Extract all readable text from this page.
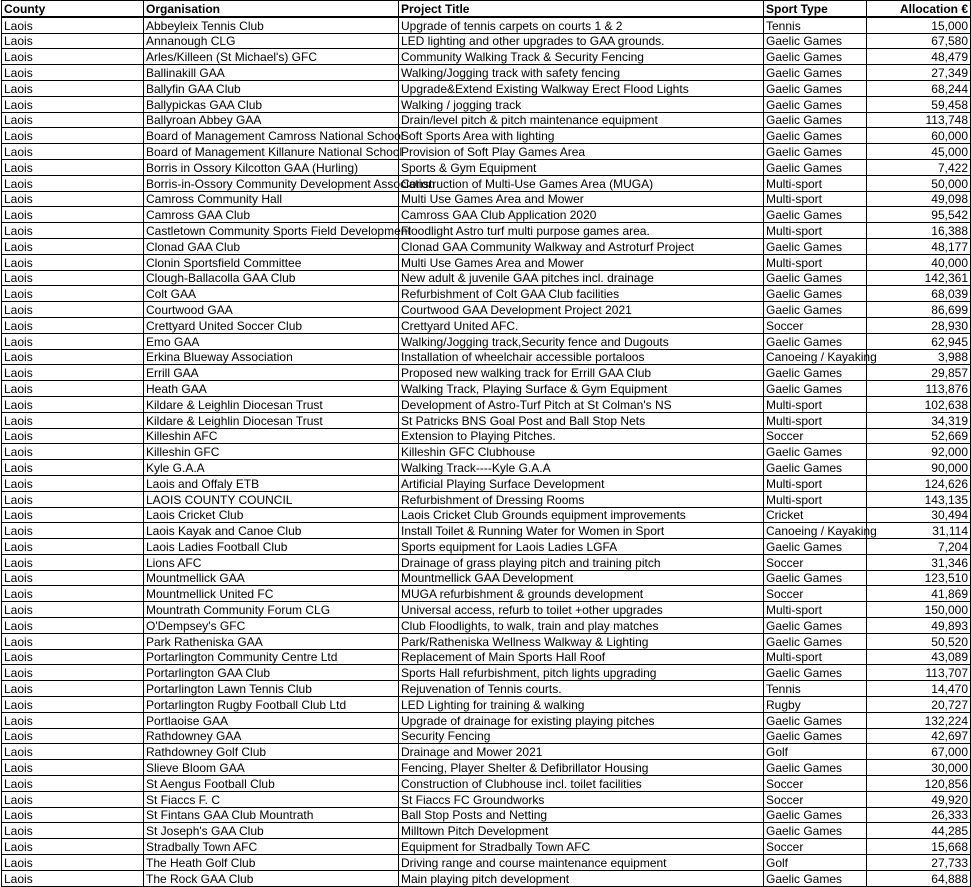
County	Organisation	Project Title	Sport Type	Allocation €
Laois	Abbeyleix Tennis Club	Upgrade of tennis carpets on courts 1 & 2	Tennis	15,000
Laois	Annanough CLG	LED lighting and other upgrades to GAA grounds.	Gaelic Games	67,580
Laois	Arles/Killeen (St Michael's) GFC	Community Walking Track & Security Fencing	Gaelic Games	48,479
Laois	Ballinakill GAA	Walking/Jogging track with safety fencing	Gaelic Games	27,349
Laois	Ballyfin GAA Club	Upgrade&Extend Existing Walkway Erect Flood Lights	Gaelic Games	68,244
Laois	Ballypickas GAA Club	Walking / jogging track	Gaelic Games	59,458
Laois	Ballyroan Abbey GAA	Drain/level pitch & pitch maintenance equipment	Gaelic Games	113,748
Laois	Board of Management Camross National School	Soft Sports Area with lighting	Gaelic Games	60,000
Laois	Board of Management Killanure National School	Provision of Soft Play Games Area	Gaelic Games	45,000
Laois	Borris in Ossory Kilcotton GAA (Hurling)	Sports & Gym Equipment	Gaelic Games	7,422
Laois	Borris-in-Ossory Community Development Association	Construction of Multi-Use Games Area (MUGA)	Multi-sport	50,000
Laois	Camross Community Hall	Multi Use Games Area and Mower	Multi-sport	49,098
Laois	Camross GAA Club	Camross GAA Club Application 2020	Gaelic Games	95,542
Laois	Castletown Community Sports Field Development	Floodlight Astro turf multi purpose games area.	Multi-sport	16,388
Laois	Clonad GAA Club	Clonad GAA Community Walkway and Astroturf Project	Gaelic Games	48,177
Laois	Clonin Sportsfield Committee	Multi Use Games Area and Mower	Multi-sport	40,000
Laois	Clough-Ballacolla GAA Club	New adult & juvenile GAA pitches incl. drainage	Gaelic Games	142,361
Laois	Colt GAA	Refurbishment of Colt GAA Club facilities	Gaelic Games	68,039
Laois	Courtwood GAA	Courtwood GAA Development Project 2021	Gaelic Games	86,699
Laois	Crettyard United Soccer Club	Crettyard United AFC.	Soccer	28,930
Laois	Emo GAA	Walking/Jogging track,Security fence and Dugouts	Gaelic Games	62,945
Laois	Erkina Blueway Association	Installation of wheelchair accessible portaloos	Canoeing / Kayaking	3,988
Laois	Errill GAA	Proposed new walking track for Errill GAA Club	Gaelic Games	29,857
Laois	Heath GAA	Walking Track, Playing Surface & Gym Equipment	Gaelic Games	113,876
Laois	Kildare & Leighlin Diocesan Trust	Development of Astro-Turf Pitch at St Colman's NS	Multi-sport	102,638
Laois	Kildare & Leighlin Diocesan Trust	St Patricks BNS Goal Post and Ball Stop Nets	Multi-sport	34,319
Laois	Killeshin AFC	Extension to Playing Pitches.	Soccer	52,669
Laois	Killeshin GFC	Killeshin GFC Clubhouse	Gaelic Games	92,000
Laois	Kyle G.A.A	Walking Track----Kyle G.A.A	Gaelic Games	90,000
Laois	Laois and Offaly ETB	Artificial Playing Surface Development	Multi-sport	124,626
Laois	LAOIS COUNTY COUNCIL	Refurbishment of Dressing Rooms	Multi-sport	143,135
Laois	Laois Cricket Club	Laois Cricket Club Grounds equipment improvements	Cricket	30,494
Laois	Laois Kayak and Canoe Club	Install Toilet & Running Water for Women in Sport	Canoeing / Kayaking	31,114
Laois	Laois Ladies Football Club	Sports equipment for Laois Ladies LGFA	Gaelic Games	7,204
Laois	Lions AFC	Drainage of grass playing pitch and training pitch	Soccer	31,346
Laois	Mountmellick GAA	Mountmellick GAA Development	Gaelic Games	123,510
Laois	Mountmellick United FC	MUGA refurbishment & grounds development	Soccer	41,869
Laois	Mountrath Community Forum CLG	Universal access, refurb to toilet +other upgrades	Multi-sport	150,000
Laois	O'Dempsey's GFC	Club Floodlights, to walk, train and play matches	Gaelic Games	49,893
Laois	Park Ratheniska GAA	Park/Ratheniska Wellness Walkway & Lighting	Gaelic Games	50,520
Laois	Portarlington Community Centre Ltd	Replacement of Main Sports Hall Roof	Multi-sport	43,089
Laois	Portarlington GAA Club	Sports Hall refurbishment, pitch lights upgrading	Gaelic Games	113,707
Laois	Portarlington Lawn Tennis Club	Rejuvenation of Tennis courts.	Tennis	14,470
Laois	Portarlington Rugby Football Club Ltd	LED Lighting for training & walking	Rugby	20,727
Laois	Portlaoise GAA	Upgrade of drainage for existing playing pitches	Gaelic Games	132,224
Laois	Rathdowney GAA	Security Fencing	Gaelic Games	42,697
Laois	Rathdowney Golf Club	Drainage and Mower 2021	Golf	67,000
Laois	Slieve Bloom GAA	Fencing, Player Shelter & Defibrillator Housing	Gaelic Games	30,000
Laois	St Aengus Football Club	Construction of Clubhouse incl. toilet facilities	Soccer	120,856
Laois	St Fiaccs F. C	St Fiaccs FC Groundworks	Soccer	49,920
Laois	St Fintans GAA Club Mountrath	Ball Stop Posts and Netting	Gaelic Games	26,333
Laois	St Joseph's GAA Club	Milltown Pitch Development	Gaelic Games	44,285
Laois	Stradbally Town AFC	Equipment for Stradbally Town AFC	Soccer	15,668
Laois	The Heath Golf Club	Driving range and course maintenance equipment	Golf	27,733
Laois	The Rock GAA Club	Main playing pitch development	Gaelic Games	64,888
